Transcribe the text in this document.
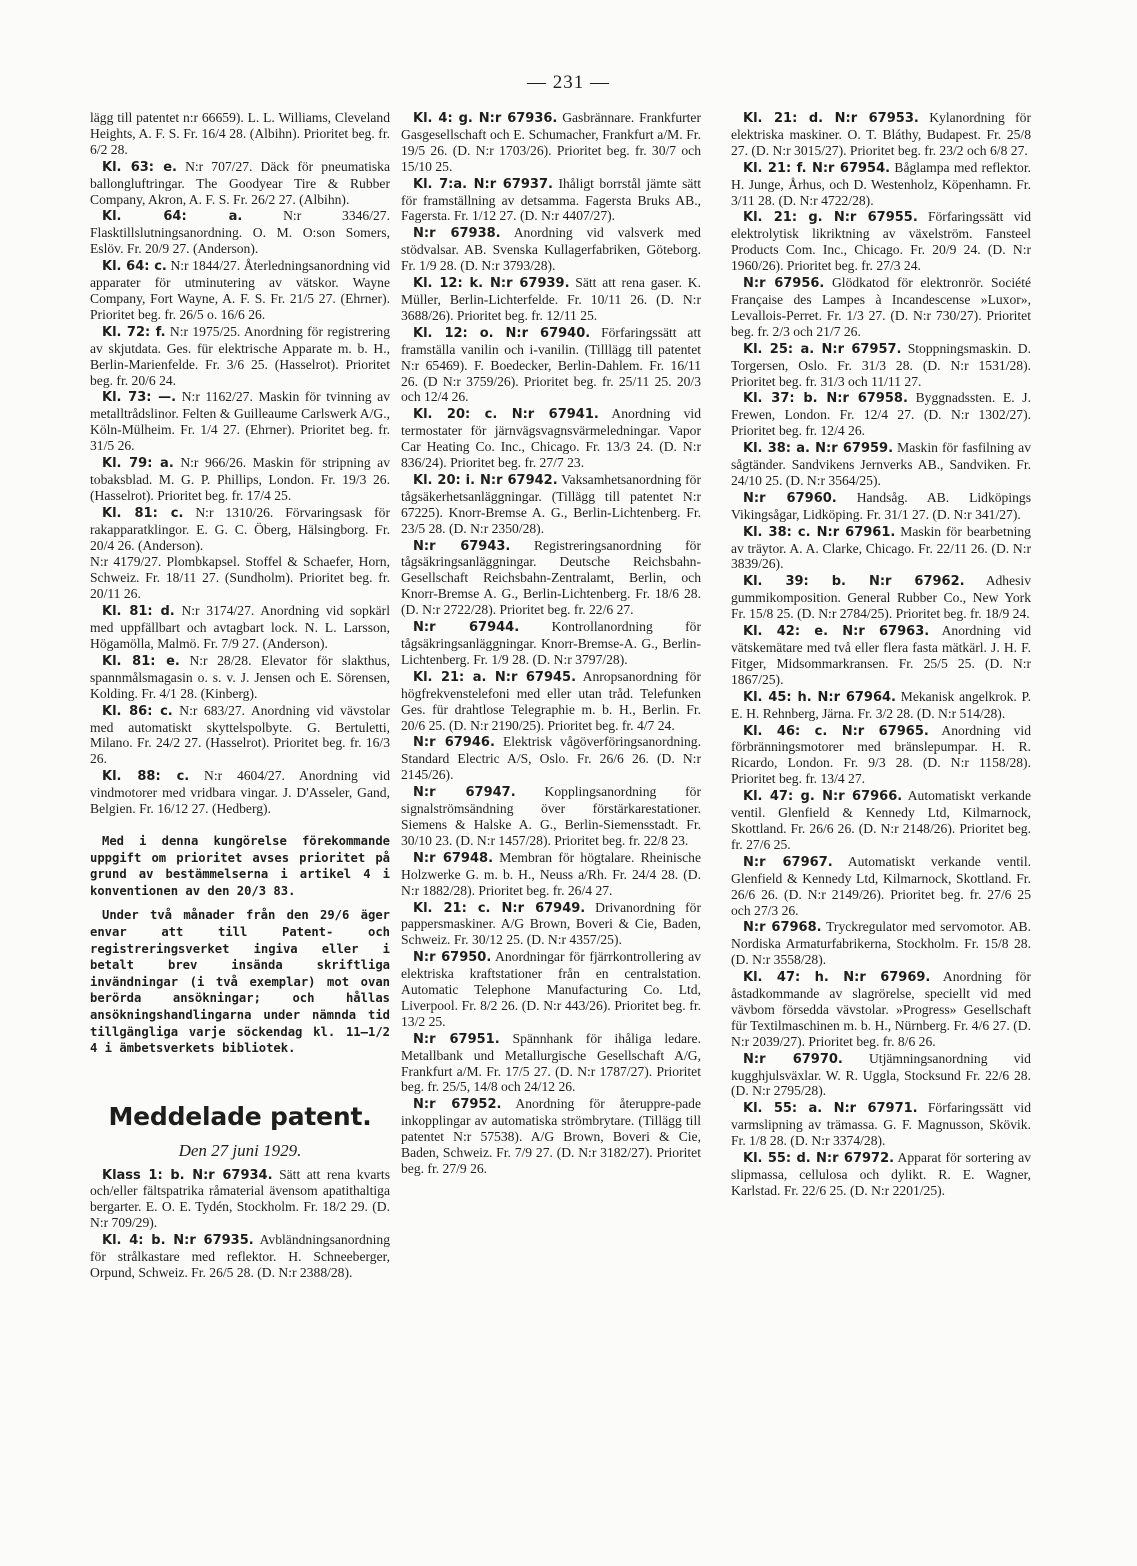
— 231 —

lägg till patentet n:r 66659). L. L. Williams, Cleveland Heights, A. F. S. Fr. 16/4 28. (Albihn). Prioritet beg. fr. 6/2 28.

Kl. 63: e. N:r 707/27. Däck för pneumatiska ballongluftringar. The Goodyear Tire & Rubber Company, Akron, A. F. S. Fr. 26/2 27. (Albihn).

Kl. 64: a.	N:r 3346/27. Flasktillslutningsanordning. O. M. O:son Somers, Eslöv. Fr. 20/9 27. (Anderson).

Kl. 64: c. N:r 1844/27. Återledningsanordning vid apparater för utminutering av vätskor. Wayne Company, Fort Wayne, A. F. S. Fr. 21/5 27. (Ehrner). Prioritet beg. fr. 26/5 o. 16/6 26.

Kl. 72: f. N:r 1975/25. Anordning för registrering av skjutdata. Ges. für elektrische Apparate m. b. H., Berlin-Marienfelde. Fr. 3/6 25. (Hasselrot). Prioritet beg. fr. 20/6 24.

Kl. 73: —. N:r 1162/27. Maskin för tvinning av metalltrådslinor. Felten & Guilleaume Carlswerk A/G., Köln-Mülheim. Fr. 1/4 27. (Ehrner). Prioritet beg. fr. 31/5 26.

Kl. 79: a. N:r 966/26. Maskin för stripning av tobaksblad. M. G. P. Phillips, London. Fr. 19/3 26. (Hasselrot). Prioritet beg. fr. 17/4 25.

Kl. 81: c. N:r 1310/26. Förvaringsask för rakapparatklingor. E. G. C. Öberg, Hälsingborg. Fr. 20/4 26. (Anderson).

N:r 4179/27. Plombkapsel. Stoffel & Schaefer, Horn, Schweiz. Fr. 18/11 27. (Sundholm). Prioritet beg. fr. 20/11 26.

Kl. 81: d. N:r 3174/27. Anordning vid sopkärl med uppfällbart och avtagbart lock. N. L. Larsson, Högamölla, Malmö. Fr. 7/9 27. (Anderson).

Kl. 81: e. N:r 28/28. Elevator för slakthus, spannmålsmagasin o. s. v. J. Jensen och E. Sörensen, Kolding. Fr. 4/1 28. (Kinberg).

Kl. 86: c. N:r 683/27. Anordning vid vävstolar med automatiskt skyttelspolbyte. G. Bertuletti, Milano. Fr. 24/2 27. (Hasselrot). Prioritet beg. fr. 16/3 26.

Kl. 88: c. N:r 4604/27. Anordning vid vindmotorer med vridbara vingar. J. D'Asseler, Gand, Belgien. Fr. 16/12 27. (Hedberg).

Med i denna kungörelse förekommande uppgift om prioritet avses prioritet på grund av bestämmelserna i artikel 4 i konventionen av den 20/3 83.

Under två månader från den 29/6 äger envar att till Patent- och registreringsverket ingiva eller i betalt brev insända skriftliga invändningar (i två exemplar) mot ovan berörda ansökningar; och hållas ansökningshandlingarna under nämnda tid tillgängliga varje söckendag kl. 11—1/2 4 i ämbetsverkets bibliotek.

Meddelade patent.
Den 27 juni 1929.

Klass 1: b. N:r 67934. Sätt att rena kvarts och/eller fältspatrika råmaterial ävensom apatithaltiga bergarter. E. O. E. Tydén, Stockholm. Fr. 18/2 29. (D. N:r 709/29).

Kl. 4: b. N:r 67935. Avbländningsanordning för strålkastare med reflektor. H. Schneeberger, Orpund, Schweiz. Fr. 26/5 28. (D. N:r 2388/28).

Kl. 4: g. N:r 67936. Gasbrännare. Frankfurter Gasgesellschaft och E. Schumacher, Frankfurt a/M. Fr. 19/5 26. (D. N:r 1703/26). Prioritet beg. fr. 30/7 och 15/10 25.

Kl. 7:a. N:r 67937. Ihåligt borrstål jämte sätt för framställning av detsamma. Fagersta Bruks AB., Fagersta. Fr. 1/12 27. (D. N:r 4407/27).

N:r 67938. Anordning vid valsverk med stödvalsar. AB. Svenska Kullagerfabriken, Göteborg. Fr. 1/9 28. (D. N:r 3793/28).

Kl. 12: k. N:r 67939. Sätt att rena gaser. K. Müller, Berlin-Lichterfelde. Fr. 10/11 26. (D. N:r 3688/26). Prioritet beg. fr. 12/11 25.

Kl. 12: o. N:r 67940. Förfaringssätt att framställa vanilin och i-vanilin. (Tilllägg till patentet N:r 65469). F. Boedecker, Berlin-Dahlem. Fr. 16/11 26. (D N:r 3759/26). Prioritet beg. fr. 25/11 25. 20/3 och 12/4 26.

Kl. 20: c. N:r 67941. Anordning vid termostater för järnvägsvagnsvärmeledningar. Vapor Car Heating Co. Inc., Chicago. Fr. 13/3 24. (D. N:r 836/24). Prioritet beg. fr. 27/7 23.

Kl. 20: i. N:r 67942. Vaksamhetsanordning för tågsäkerhetsanläggningar. (Tillägg till patentet N:r 67225). Knorr-Bremse A. G., Berlin-Lichtenberg. Fr. 23/5 28. (D. N:r 2350/28).

N:r 67943. Registreringsanordning för tågsäkringsanläggningar. Deutsche Reichsbahn-Gesellschaft Reichsbahn-Zentralamt, Berlin, och Knorr-Bremse A. G., Berlin-Lichtenberg. Fr. 18/6 28. (D. N:r 2722/28). Prioritet beg. fr. 22/6 27.

N:r 67944. Kontrollanordning för tågsäkringsanläggningar. Knorr-Bremse-A. G., Berlin-Lichtenberg. Fr. 1/9 28. (D. N:r 3797/28).

Kl. 21: a. N:r 67945. Anropsanordning för högfrekvenstelefoni med eller utan tråd. Telefunken Ges. für drahtlose Telegraphie m. b. H., Berlin. Fr. 20/6 25. (D. N:r 2190/25). Prioritet beg. fr. 4/7 24.

N:r 67946. Elektrisk vågöverföringsanordning. Standard Electric A/S, Oslo. Fr. 26/6 26. (D. N:r 2145/26).

N:r 67947. Kopplingsanordning för signalströmsändning över förstärkarestationer. Siemens & Halske A. G., Berlin-Siemensstadt. Fr. 30/10 23. (D. N:r 1457/28). Prioritet beg. fr. 22/8 23.

N:r 67948. Membran för högtalare. Rheinische Holzwerke G. m. b. H., Neuss a/Rh. Fr. 24/4 28. (D. N:r 1882/28). Prioritet beg. fr. 26/4 27.

Kl. 21: c. N:r 67949. Drivanordning för pappersmaskiner. A/G Brown, Boveri & Cie, Baden, Schweiz. Fr. 30/12 25. (D. N:r 4357/25).

N:r 67950. Anordningar för fjärrkontrollering av elektriska kraftstationer från en centralstation. Automatic Telephone Manufacturing Co. Ltd, Liverpool. Fr. 8/2 26. (D. N:r 443/26). Prioritet beg. fr. 13/2 25.

N:r 67951. Spännhank för ihåliga ledare. Metallbank und Metallurgische Gesellschaft A/G, Frankfurt a/M. Fr. 17/5 27. (D. N:r 1787/27). Prioritet beg. fr. 25/5, 14/8 och 24/12 26.

N:r 67952. Anordning för återuppre-pade inkopplingar av automatiska strömbrytare. (Tillägg till patentet N:r 57538). A/G Brown, Boveri & Cie, Baden, Schweiz. Fr. 7/9 27. (D. N:r 3182/27). Prioritet beg. fr. 27/9 26.

Kl. 21: d. N:r 67953. Kylanordning för elektriska maskiner. O. T. Bláthy, Budapest. Fr. 25/8 27. (D. N:r 3015/27). Prioritet beg. fr. 23/2 och 6/8 27.

Kl. 21: f. N:r 67954. Båglampa med reflektor. H. Junge, Århus, och D. Westenholz, Köpenhamn. Fr. 3/11 28. (D. N:r 4722/28).

Kl. 21: g. N:r 67955. Förfaringssätt vid elektrolytisk likriktning av växelström. Fansteel Products Com. Inc., Chicago. Fr. 20/9 24. (D. N:r 1960/26). Prioritet beg. fr. 27/3 24.

N:r 67956. Glödkatod för elektronrör. Société Française des Lampes à Incandescense »Luxor», Levallois-Perret. Fr. 1/3 27. (D. N:r 730/27). Prioritet beg. fr. 2/3 och 21/7 26.

Kl. 25: a. N:r 67957. Stoppningsmaskin. D. Torgersen, Oslo. Fr. 31/3 28. (D. N:r 1531/28). Prioritet beg. fr. 31/3 och 11/11 27.

Kl. 37: b. N:r 67958. Byggnadssten. E. J. Frewen, London. Fr. 12/4 27. (D. N:r 1302/27). Prioritet beg. fr. 12/4 26.

Kl. 38: a. N:r 67959. Maskin för fasfilning av sågtänder. Sandvikens Jernverks AB., Sandviken. Fr. 24/10 25. (D. N:r 3564/25).

N:r 67960. Handsåg. AB. Lidköpings Vikingsågar, Lidköping. Fr. 31/1 27. (D. N:r 341/27).

Kl. 38: c. N:r 67961. Maskin för bearbetning av träytor. A. A. Clarke, Chicago. Fr. 22/11 26. (D. N:r 3839/26).

Kl. 39: b. N:r 67962. Adhesiv gummikomposition. General Rubber Co., New York Fr. 15/8 25. (D. N:r 2784/25). Prioritet beg. fr. 18/9 24.

Kl. 42: e. N:r 67963. Anordning vid vätskemätare med två eller flera fasta mätkärl. J. H. F. Fitger, Midsommarkransen. Fr. 25/5 25. (D. N:r 1867/25).

Kl. 45: h. N:r 67964. Mekanisk angelkrok. P. E. H. Rehnberg, Järna. Fr. 3/2 28. (D. N:r 514/28).

Kl. 46: c. N:r 67965. Anordning vid förbränningsmotorer med bränslepumpar. H. R. Ricardo, London. Fr. 9/3 28. (D. N:r 1158/28). Prioritet beg. fr. 13/4 27.

Kl. 47: g. N:r 67966. Automatiskt verkande ventil. Glenfield & Kennedy Ltd, Kilmarnock, Skottland. Fr. 26/6 26. (D. N:r 2148/26). Prioritet beg. fr. 27/6 25.

N:r 67967. Automatiskt verkande ventil. Glenfield & Kennedy Ltd, Kilmarnock, Skottland. Fr. 26/6 26. (D. N:r 2149/26). Prioritet beg. fr. 27/6 25 och 27/3 26.

N:r 67968. Tryckregulator med servomotor. AB. Nordiska Armaturfabrikerna, Stockholm. Fr. 15/8 28. (D. N:r 3558/28).

Kl. 47: h. N:r 67969. Anordning för åstadkommande av slagrörelse, speciellt vid med vävbom försedda vävstolar. »Progress» Gesellschaft für Textilmaschinen m. b. H., Nürnberg. Fr. 4/6 27. (D. N:r 2039/27). Prioritet beg. fr. 8/6 26.

N:r 67970. Utjämningsanordning vid kugghjulsväxlar. W. R. Uggla, Stocksund Fr. 22/6 28. (D. N:r 2795/28).

Kl. 55: a. N:r 67971. Förfaringssätt vid varmslipning av trämassa. G. F. Magnusson, Skövik. Fr. 1/8 28. (D. N:r 3374/28).

Kl. 55: d. N:r 67972. Apparat för sortering av slipmassa, cellulosa och dylikt. R. E. Wagner, Karlstad. Fr. 22/6 25. (D. N:r 2201/25).
